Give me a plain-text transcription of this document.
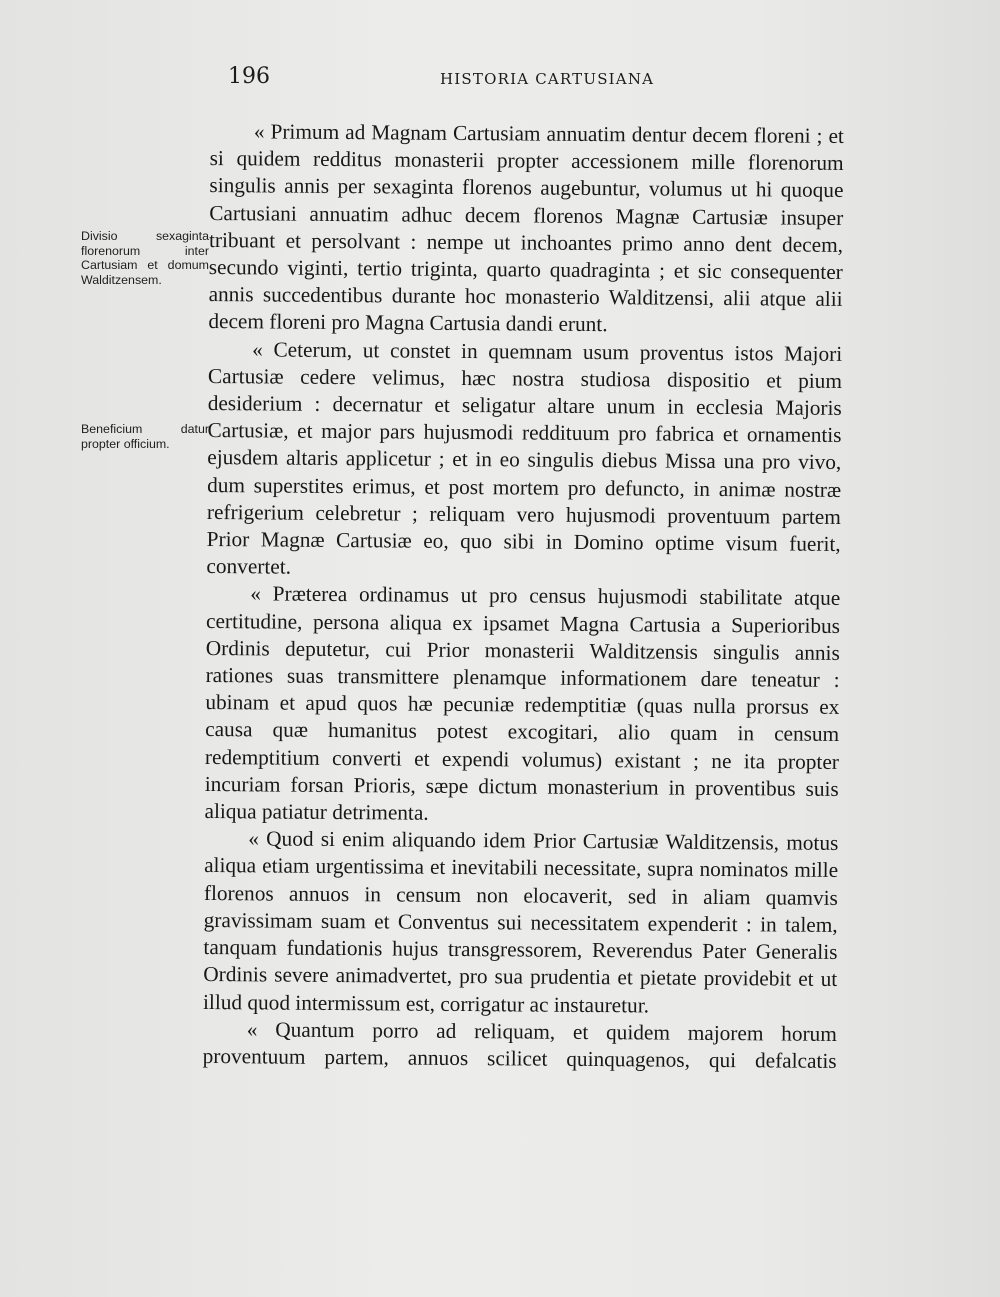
196	HISTORIA CARTUSIANA
Divisio sexaginta florenorum inter Cartusiam et domum Walditzensem.
Beneficium datur propter officium.

« Primum ad Magnam Cartusiam annuatim dentur decem floreni ; et si quidem redditus monasterii propter accessionem mille florenorum singulis annis per sexaginta florenos augebuntur, volumus ut hi quoque Cartusiani annuatim adhuc decem florenos Magnæ Cartusiæ insuper tribuant et persolvant : nempe ut inchoantes primo anno dent decem, secundo viginti, tertio triginta, quarto quadraginta ; et sic consequenter annis succedentibus durante hoc monasterio Walditzensi, alii atque alii decem floreni pro Magna Cartusia dandi erunt.

« Ceterum, ut constet in quemnam usum proventus istos Majori Cartusiæ cedere velimus, hæc nostra studiosa dispositio et pium desiderium : decernatur et seligatur altare unum in ecclesia Majoris Cartusiæ, et major pars hujusmodi reddituum pro fabrica et ornamentis ejusdem altaris applicetur ; et in eo singulis diebus Missa una pro vivo, dum superstites erimus, et post mortem pro defuncto, in animæ nostræ refrigerium celebretur ; reliquam vero hujusmodi proventuum partem Prior Magnæ Cartusiæ eo, quo sibi in Domino optime visum fuerit, convertet.

« Præterea ordinamus ut pro census hujusmodi stabilitate atque certitudine, persona aliqua ex ipsamet Magna Cartusia a Superioribus Ordinis deputetur, cui Prior monasterii Walditzensis singulis annis rationes suas transmittere plenamque informationem dare teneatur : ubinam et apud quos hæ pecuniæ redemptitiæ (quas nulla prorsus ex causa quæ humanitus potest excogitari, alio quam in censum redemptitium converti et expendi volumus) existant ; ne ita propter incuriam forsan Prioris, sæpe dictum monasterium in proventibus suis aliqua patiatur detrimenta.

« Quod si enim aliquando idem Prior Cartusiæ Walditzensis, motus aliqua etiam urgentissima et inevitabili necessitate, supra nominatos mille florenos annuos in censum non elocaverit, sed in aliam quamvis gravissimam suam et Conventus sui necessitatem expenderit : in talem, tanquam fundationis hujus transgressorem, Reverendus Pater Generalis Ordinis severe animadvertet, pro sua prudentia et pietate providebit et ut illud quod intermissum est, corrigatur ac instauretur.

« Quantum porro ad reliquam, et quidem majorem horum proventuum partem, annuos scilicet quinquagenos, qui defalcatis
